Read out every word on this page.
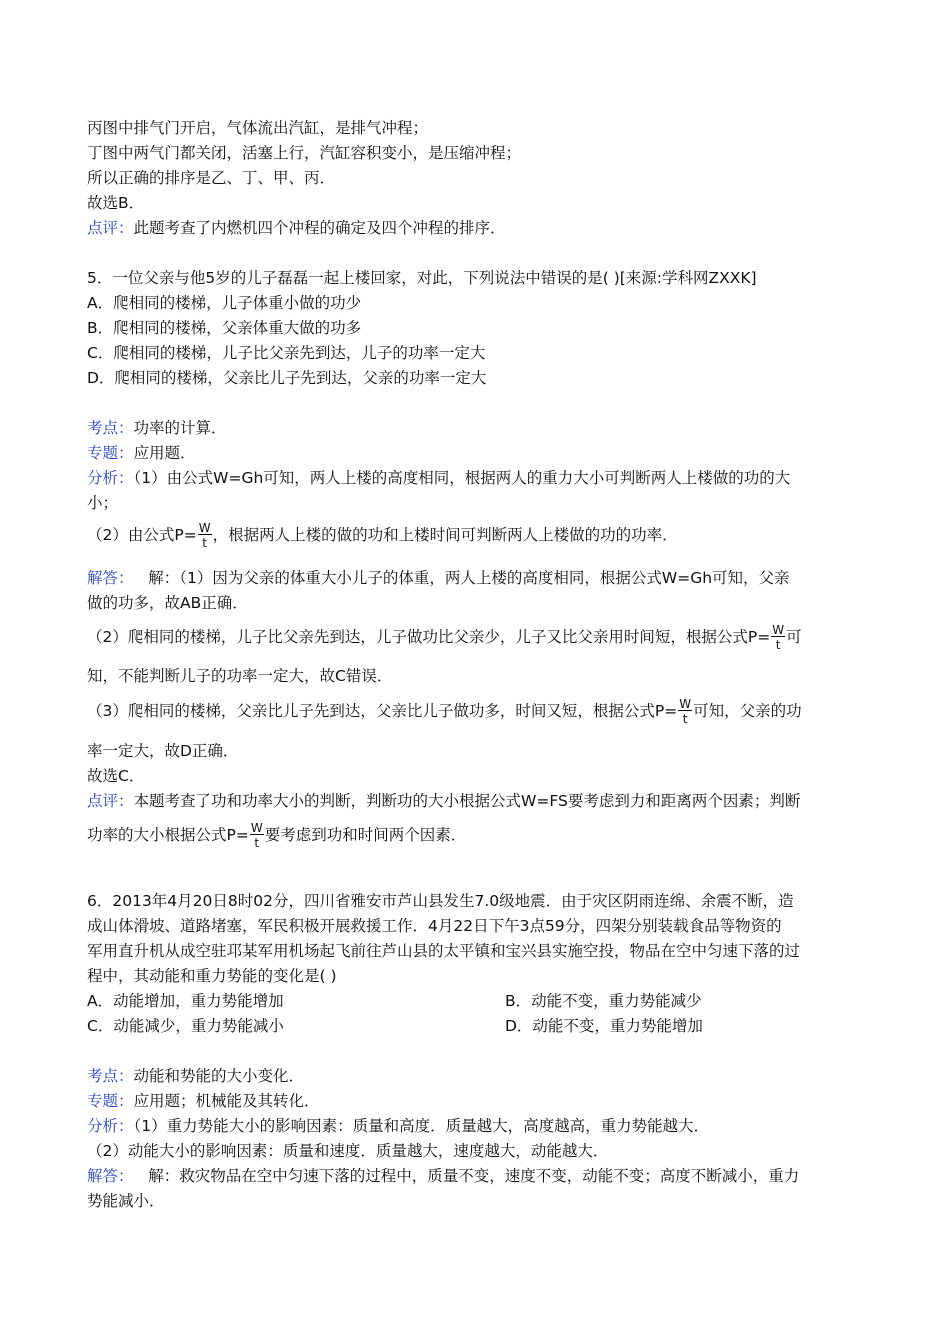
丙图中排气门开启，气体流出汽缸，是排气冲程；
丁图中两气门都关闭，活塞上行，汽缸容积变小，是压缩冲程；
所以正确的排序是乙、丁、甲、丙．
故选B．
点评：此题考查了内燃机四个冲程的确定及四个冲程的排序．
5．一位父亲与他5岁的儿子磊磊一起上楼回家，对此，下列说法中错误的是( )[来源:学科网ZXXK]
A．爬相同的楼梯，儿子体重小做的功少
B．爬相同的楼梯，父亲体重大做的功多
C．爬相同的楼梯，儿子比父亲先到达，儿子的功率一定大
D．爬相同的楼梯，父亲比儿子先到达，父亲的功率一定大
考点：功率的计算．
专题：应用题．
分析：（1）由公式W=Gh可知，两人上楼的高度相同，根据两人的重力大小可判断两人上楼做的功的大
小；
（2）由公式$P= \frac{W}{t}$ ，根据两人上楼的做的功和上楼时间可判断两人上楼做的功的功率．
解答： 解：（1）因为父亲的体重大小儿子的体重，两人上楼的高度相同，根据公式W=Gh可知，父亲
做的功多，故AB正确．
（2）爬相同的楼梯，儿子比父亲先到达，儿子做功比父亲少，儿子又比父亲用时间短，根据公式$P= \frac{W}{t}$ 可
知，不能判断儿子的功率一定大，故C错误．
（3）爬相同的楼梯，父亲比儿子先到达，父亲比儿子做功多，时间又短，根据公式$P= \frac{W}{t}$ 可知，父亲的功
率一定大，故D正确．
故选C．
点评：本题考查了功和功率大小的判断，判断功的大小根据公式W=FS要考虑到力和距离两个因素；判断
功率的大小根据公式$P= \frac{W}{t}$ 要考虑到功和时间两个因素．
6．2013年4月20日8时02分，四川省雅安市芦山县发生7.0级地震．由于灾区阴雨连绵、余震不断，造
成山体滑坡、道路堵塞，军民积极开展救援工作．4月22日下午3点59分，四架分别装载食品等物资的
军用直升机从成空驻邛某军用机场起飞前往芦山县的太平镇和宝兴县实施空投，物品在空中匀速下落的过
程中，其动能和重力势能的变化是( )
A．动能增加，重力势能增加	B．动能不变，重力势能减少
C．动能减少，重力势能减小	D．动能不变，重力势能增加
考点：动能和势能的大小变化．
专题：应用题；机械能及其转化．
分析：（1）重力势能大小的影响因素：质量和高度．质量越大，高度越高，重力势能越大．
（2）动能大小的影响因素：质量和速度．质量越大，速度越大，动能越大．
解答： 解：救灾物品在空中匀速下落的过程中，质量不变，速度不变，动能不变；高度不断减小，重力
势能减小．
